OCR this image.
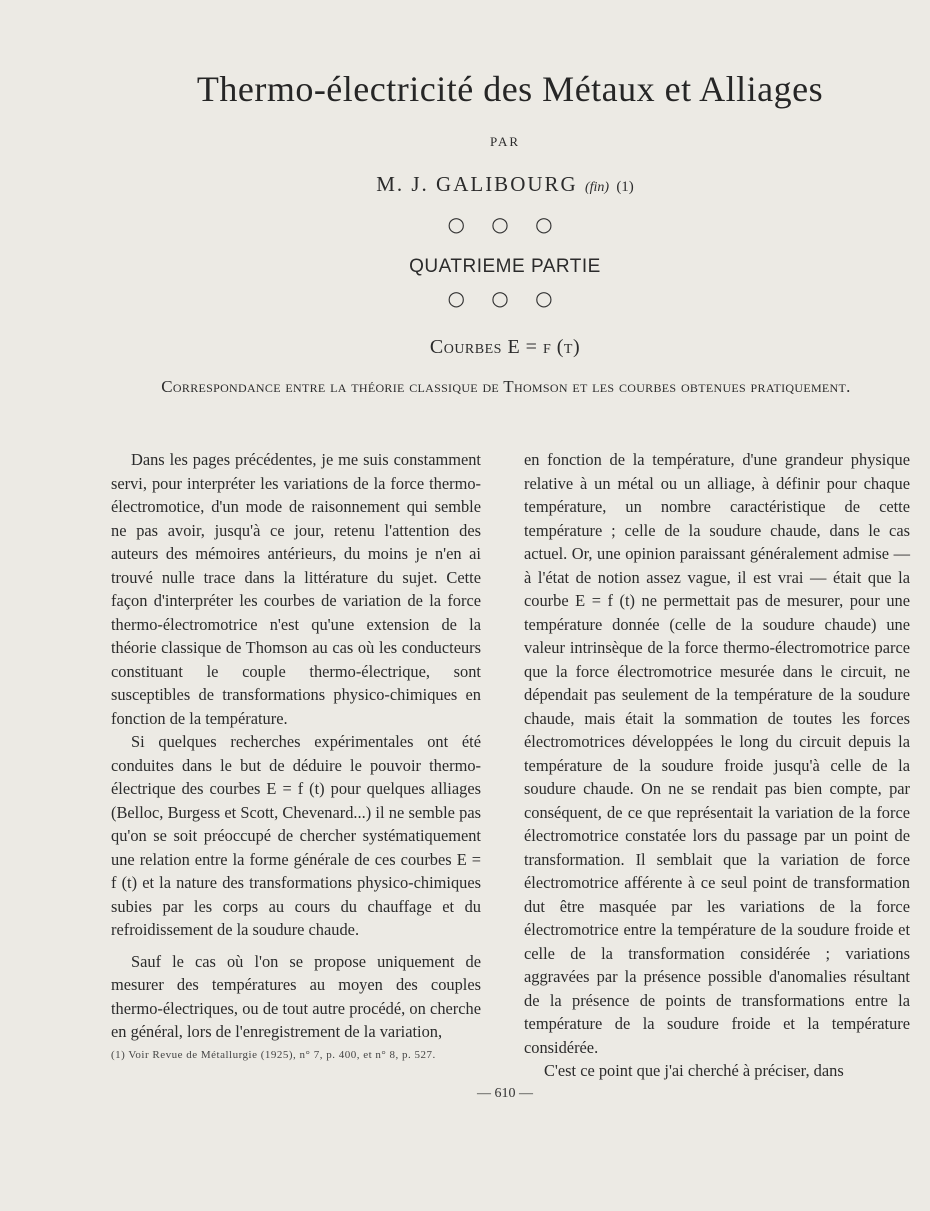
Thermo-électricité des Métaux et Alliages
PAR
M. J. GALIBOURG (fin) (1)
○ ○ ○
QUATRIEME PARTIE
○ ○ ○
Courbes E = f (t)
Correspondance entre la théorie classique de Thomson et les courbes obtenues pratiquement.

Dans les pages précédentes, je me suis constamment servi, pour interpréter les variations de la force thermo-électromotice, d'un mode de raisonnement qui semble ne pas avoir, jusqu'à ce jour, retenu l'attention des auteurs des mémoires antérieurs, du moins je n'en ai trouvé nulle trace dans la littérature du sujet. Cette façon d'interpréter les courbes de variation de la force thermo-électromotrice n'est qu'une extension de la théorie classique de Thomson au cas où les conducteurs constituant le couple thermo-électrique, sont susceptibles de transformations physico-chimiques en fonction de la température.

Si quelques recherches expérimentales ont été conduites dans le but de déduire le pouvoir thermo-électrique des courbes E = f (t) pour quelques alliages (Belloc, Burgess et Scott, Chevenard...) il ne semble pas qu'on se soit préoccupé de chercher systématiquement une relation entre la forme générale de ces courbes E = f (t) et la nature des transformations physico-chimiques subies par les corps au cours du chauffage et du refroidissement de la soudure chaude.

Sauf le cas où l'on se propose uniquement de mesurer des températures au moyen des couples thermo-électriques, ou de tout autre procédé, on cherche en général, lors de l'enregistrement de la variation,

en fonction de la température, d'une grandeur physique relative à un métal ou un alliage, à définir pour chaque température, un nombre caractéristique de cette température ; celle de la soudure chaude, dans le cas actuel. Or, une opinion paraissant généralement admise — à l'état de notion assez vague, il est vrai — était que la courbe E = f (t) ne permettait pas de mesurer, pour une température donnée (celle de la soudure chaude) une valeur intrinsèque de la force thermo-électromotrice parce que la force électromotrice mesurée dans le circuit, ne dépendait pas seulement de la température de la soudure chaude, mais était la sommation de toutes les forces électromotrices développées le long du circuit depuis la température de la soudure froide jusqu'à celle de la soudure chaude. On ne se rendait pas bien compte, par conséquent, de ce que représentait la variation de la force électromotrice constatée lors du passage par un point de transformation. Il semblait que la variation de force électromotrice afférente à ce seul point de transformation dut être masquée par les variations de la force électromotrice entre la température de la soudure froide et celle de la transformation considérée ; variations aggravées par la présence possible d'anomalies résultant de la présence de points de transformations entre la température de la soudure froide et la température considérée.

C'est ce point que j'ai cherché à préciser, dans

(1) Voir Revue de Métallurgie (1925), n° 7, p. 400, et n° 8, p. 527.
— 610 —
